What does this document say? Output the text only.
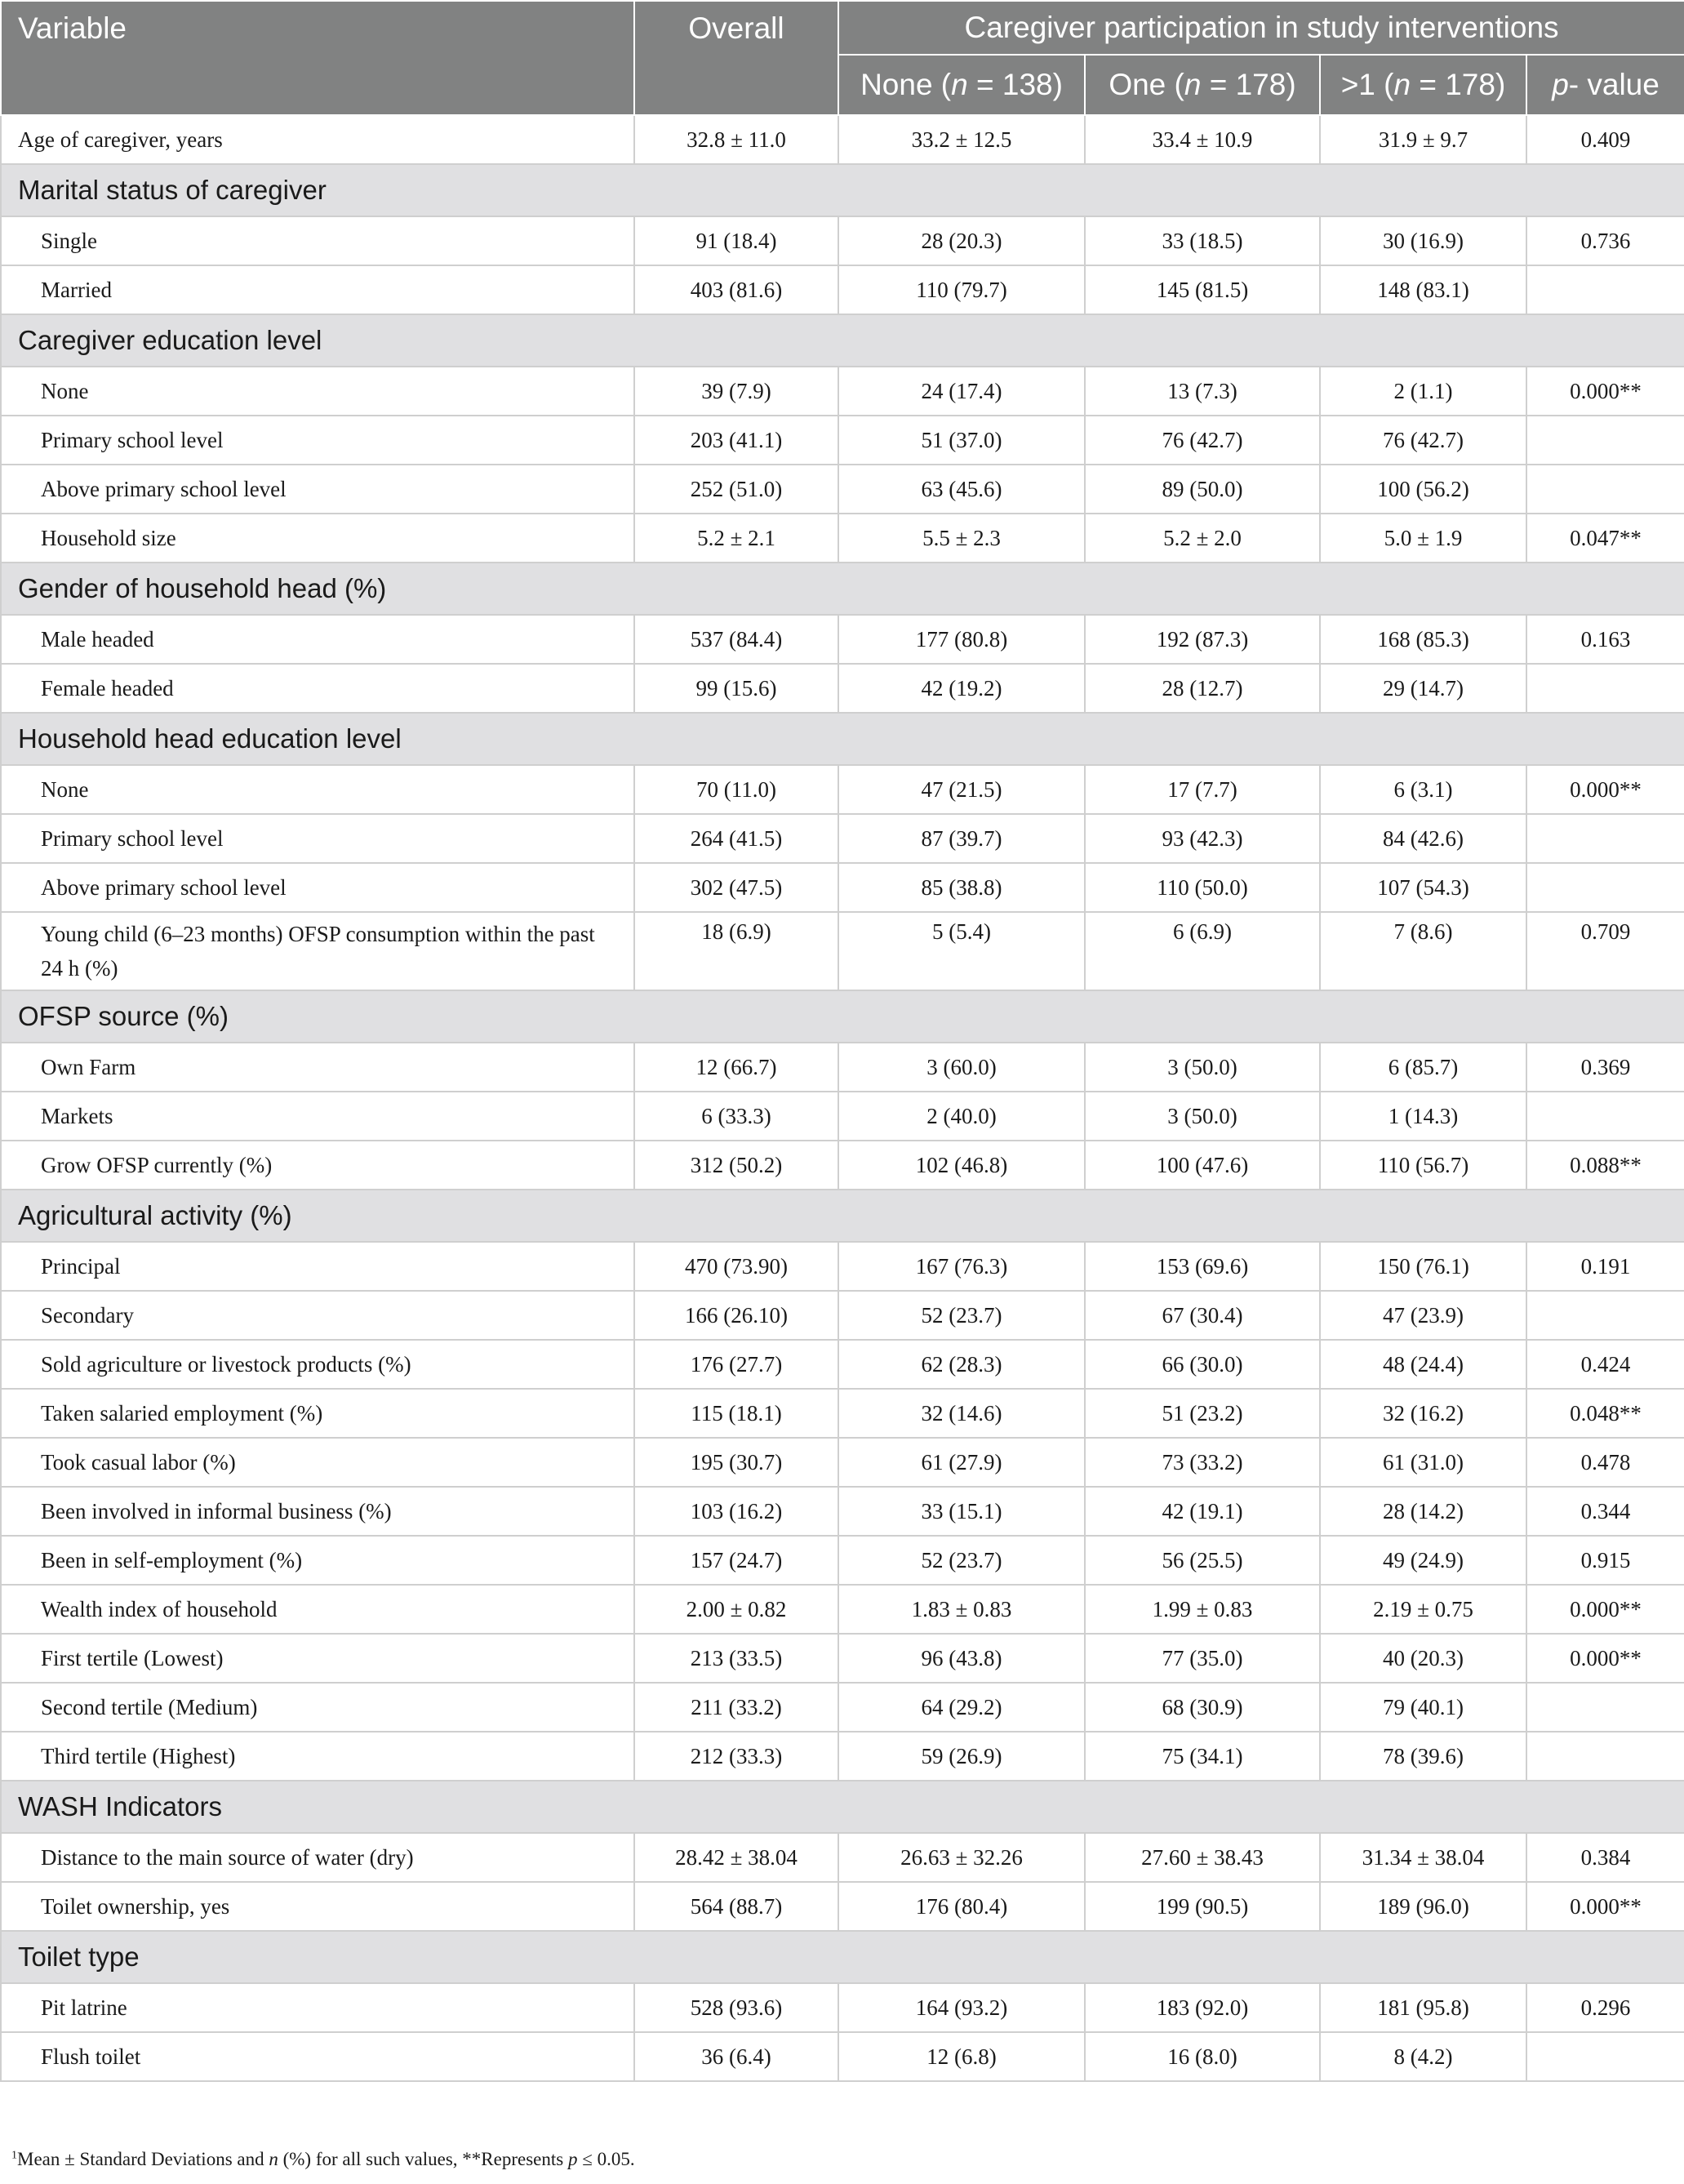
Variable	Overall	Caregiver participation in study interventions			
		None (n = 138)	One (n = 178)	>1 (n = 178)	p- value
Age of caregiver, years	32.8 ± 11.0	33.2 ± 12.5	33.4 ± 10.9	31.9 ± 9.7	0.409
Marital status of caregiver					
Single	91 (18.4)	28 (20.3)	33 (18.5)	30 (16.9)	0.736
Married	403 (81.6)	110 (79.7)	145 (81.5)	148 (83.1)	
Caregiver education level					
None	39 (7.9)	24 (17.4)	13 (7.3)	2 (1.1)	0.000**
Primary school level	203 (41.1)	51 (37.0)	76 (42.7)	76 (42.7)	
Above primary school level	252 (51.0)	63 (45.6)	89 (50.0)	100 (56.2)	
Household size	5.2 ± 2.1	5.5 ± 2.3	5.2 ± 2.0	5.0 ± 1.9	0.047**
Gender of household head (%)					
Male headed	537 (84.4)	177 (80.8)	192 (87.3)	168 (85.3)	0.163
Female headed	99 (15.6)	42 (19.2)	28 (12.7)	29 (14.7)	
Household head education level					
None	70 (11.0)	47 (21.5)	17 (7.7)	6 (3.1)	0.000**
Primary school level	264 (41.5)	87 (39.7)	93 (42.3)	84 (42.6)	
Above primary school level	302 (47.5)	85 (38.8)	110 (50.0)	107 (54.3)	
Young child (6–23 months) OFSP consumption within the past 24 h (%)	18 (6.9)	5 (5.4)	6 (6.9)	7 (8.6)	0.709
OFSP source (%)					
Own Farm	12 (66.7)	3 (60.0)	3 (50.0)	6 (85.7)	0.369
Markets	6 (33.3)	2 (40.0)	3 (50.0)	1 (14.3)	
Grow OFSP currently (%)	312 (50.2)	102 (46.8)	100 (47.6)	110 (56.7)	0.088**
Agricultural activity (%)					
Principal	470 (73.90)	167 (76.3)	153 (69.6)	150 (76.1)	0.191
Secondary	166 (26.10)	52 (23.7)	67 (30.4)	47 (23.9)	
Sold agriculture or livestock products (%)	176 (27.7)	62 (28.3)	66 (30.0)	48 (24.4)	0.424
Taken salaried employment (%)	115 (18.1)	32 (14.6)	51 (23.2)	32 (16.2)	0.048**
Took casual labor (%)	195 (30.7)	61 (27.9)	73 (33.2)	61 (31.0)	0.478
Been involved in informal business (%)	103 (16.2)	33 (15.1)	42 (19.1)	28 (14.2)	0.344
Been in self-employment (%)	157 (24.7)	52 (23.7)	56 (25.5)	49 (24.9)	0.915
Wealth index of household	2.00 ± 0.82	1.83 ± 0.83	1.99 ± 0.83	2.19 ± 0.75	0.000**
First tertile (Lowest)	213 (33.5)	96 (43.8)	77 (35.0)	40 (20.3)	0.000**
Second tertile (Medium)	211 (33.2)	64 (29.2)	68 (30.9)	79 (40.1)	
Third tertile (Highest)	212 (33.3)	59 (26.9)	75 (34.1)	78 (39.6)	
WASH Indicators					
Distance to the main source of water (dry)	28.42 ± 38.04	26.63 ± 32.26	27.60 ± 38.43	31.34 ± 38.04	0.384
Toilet ownership, yes	564 (88.7)	176 (80.4)	199 (90.5)	189 (96.0)	0.000**
Toilet type					
Pit latrine	528 (93.6)	164 (93.2)	183 (92.0)	181 (95.8)	0.296
Flush toilet	36 (6.4)	12 (6.8)	16 (8.0)	8 (4.2)	
$^1$Mean ± Standard Deviations and n (%) for all such values, **Represents p ≤ 0.05.
